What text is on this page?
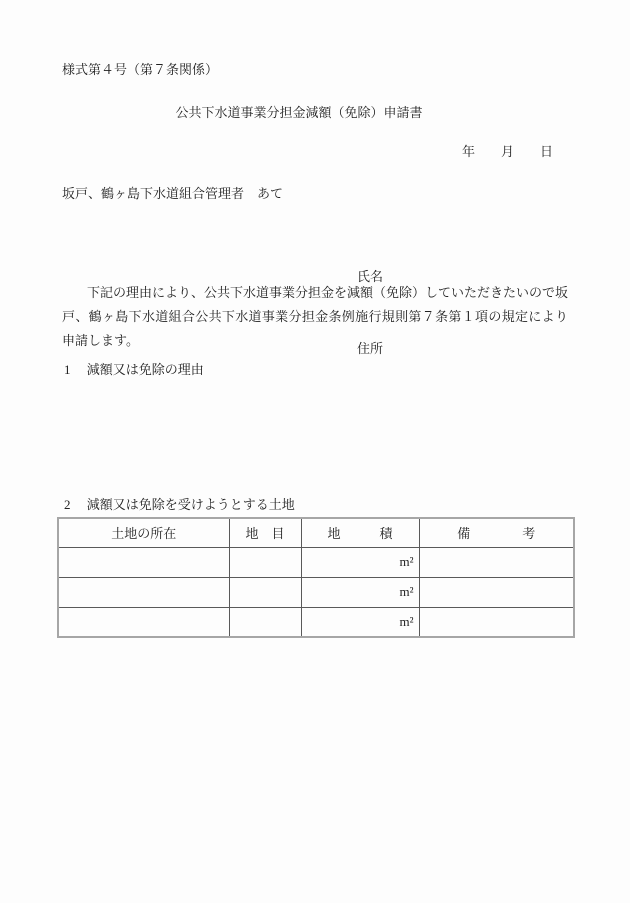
様式第４号（第７条関係）
公共下水道事業分担金減額（免除）申請書
年　　月　　日
坂戸、鶴ヶ島下水道組合管理者　あて

氏名

住所

　下記の理由により、公共下水道事業分担金を減額（免除）していただきたいので坂戸、鶴ヶ島下水道組合公共下水道事業分担金条例施行規則第７条第１項の規定により申請します。
1 　減額又は免除の理由
2 　減額又は免除を受けようとする土地
土地の所在	地　目	地　　　積	備　　　　考
		m²	
		m²	
		m²	
